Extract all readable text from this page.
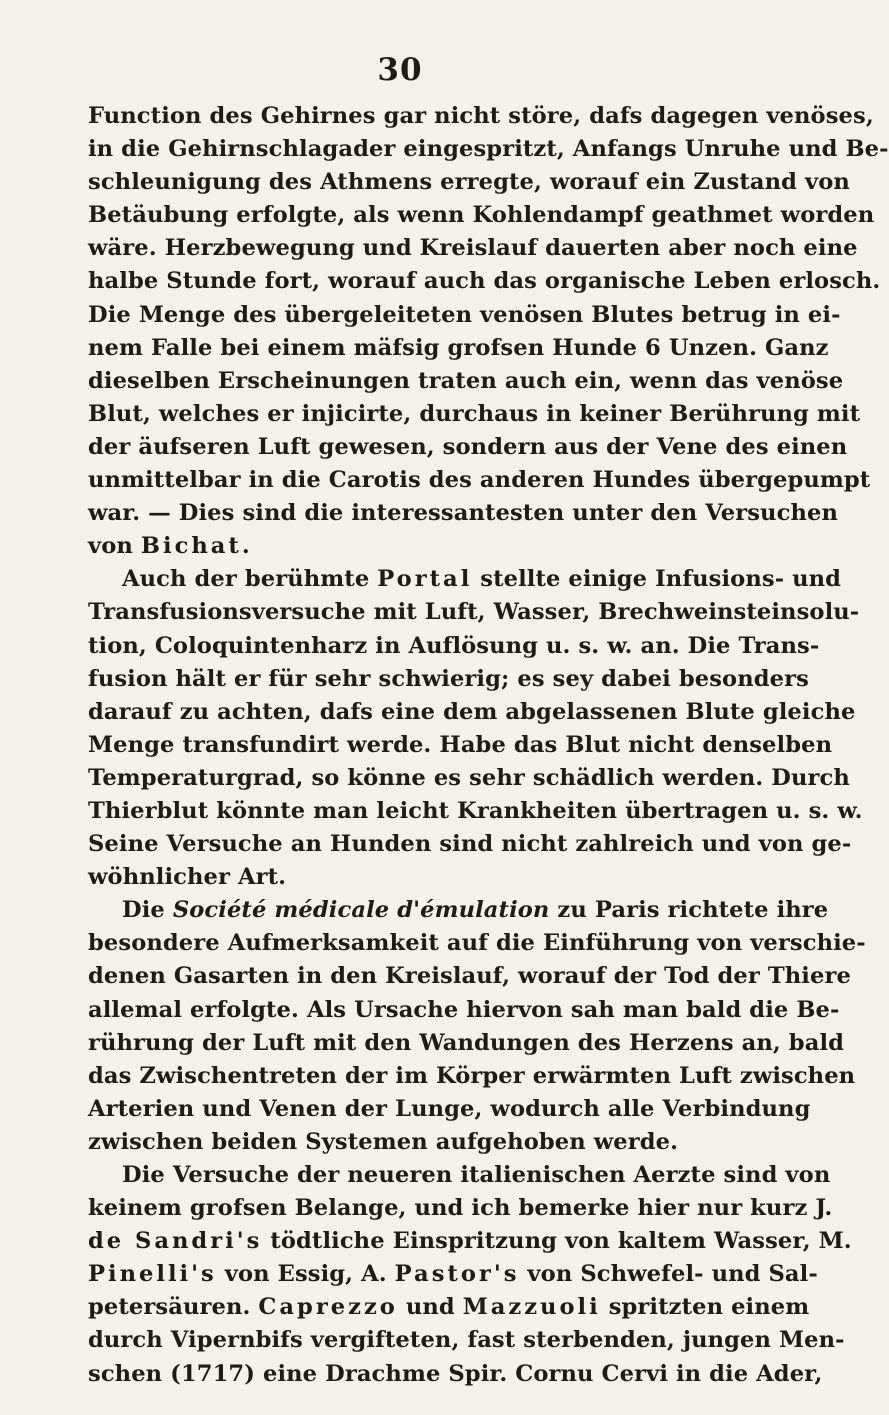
30
Function des Gehirnes gar nicht störe, dafs dagegen venöses,
in die Gehirnschlagader eingespritzt, Anfangs Unruhe und Be-
schleunigung des Athmens erregte, worauf ein Zustand von
Betäubung erfolgte, als wenn Kohlendampf geathmet worden
wäre. Herzbewegung und Kreislauf dauerten aber noch eine
halbe Stunde fort, worauf auch das organische Leben erlosch.
Die Menge des übergeleiteten venösen Blutes betrug in ei-
nem Falle bei einem mäfsig grofsen Hunde 6 Unzen. Ganz
dieselben Erscheinungen traten auch ein, wenn das venöse
Blut, welches er injicirte, durchaus in keiner Berührung mit
der äufseren Luft gewesen, sondern aus der Vene des einen
unmittelbar in die Carotis des anderen Hundes übergepumpt
war. — Dies sind die interessantesten unter den Versuchen
von Bichat.
Auch der berühmte Portal stellte einige Infusions- und
Transfusionsversuche mit Luft, Wasser, Brechweinsteinsolu-
tion, Coloquintenharz in Auflösung u. s. w. an. Die Trans-
fusion hält er für sehr schwierig; es sey dabei besonders
darauf zu achten, dafs eine dem abgelassenen Blute gleiche
Menge transfundirt werde. Habe das Blut nicht denselben
Temperaturgrad, so könne es sehr schädlich werden. Durch
Thierblut könnte man leicht Krankheiten übertragen u. s. w.
Seine Versuche an Hunden sind nicht zahlreich und von ge-
wöhnlicher Art.
Die Société médicale d'émulation zu Paris richtete ihre
besondere Aufmerksamkeit auf die Einführung von verschie-
denen Gasarten in den Kreislauf, worauf der Tod der Thiere
allemal erfolgte. Als Ursache hiervon sah man bald die Be-
rührung der Luft mit den Wandungen des Herzens an, bald
das Zwischentreten der im Körper erwärmten Luft zwischen
Arterien und Venen der Lunge, wodurch alle Verbindung
zwischen beiden Systemen aufgehoben werde.
Die Versuche der neueren italienischen Aerzte sind von
keinem grofsen Belange, und ich bemerke hier nur kurz J.
de Sandri's tödtliche Einspritzung von kaltem Wasser, M.
Pinelli's von Essig, A. Pastor's von Schwefel- und Sal-
petersäuren. Caprezzo und Mazzuoli spritzten einem
durch Vipernbifs vergifteten, fast sterbenden, jungen Men-
schen (1717) eine Drachme Spir. Cornu Cervi in die Ader,
